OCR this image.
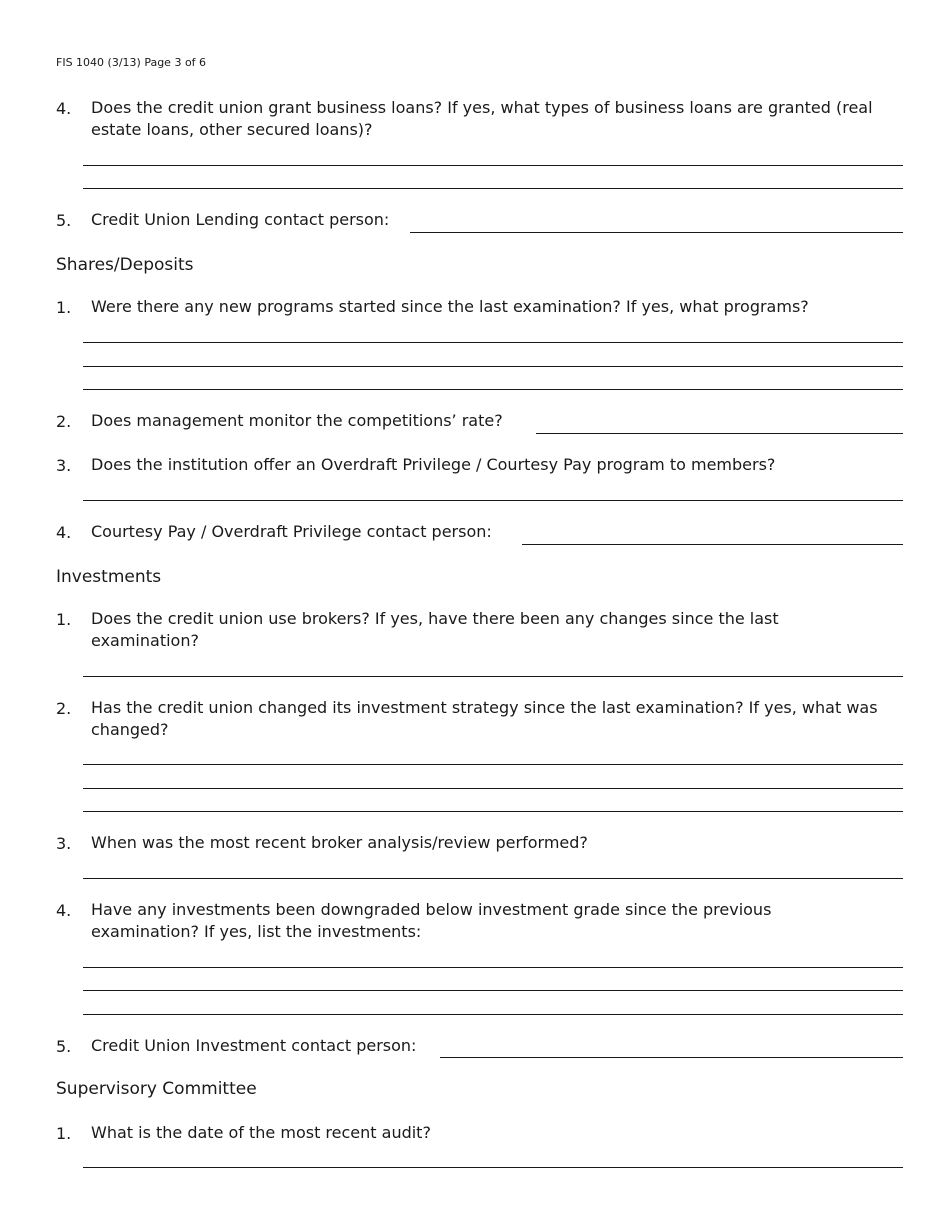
FIS 1040 (3/13) Page 3 of 6
4. Does the credit union grant business loans? If yes, what types of business loans are granted (real estate loans, other secured loans)?
5. Credit Union Lending contact person:
Shares/Deposits
1. Were there any new programs started since the last examination? If yes, what programs?
2. Does management monitor the competitions’ rate?
3. Does the institution offer an Overdraft Privilege / Courtesy Pay program to members?
4. Courtesy Pay / Overdraft Privilege contact person:
Investments
1. Does the credit union use brokers? If yes, have there been any changes since the last examination?
2. Has the credit union changed its investment strategy since the last examination? If yes, what was changed?
3. When was the most recent broker analysis/review performed?
4. Have any investments been downgraded below investment grade since the previous examination? If yes, list the investments:
5. Credit Union Investment contact person:
Supervisory Committee
1. What is the date of the most recent audit?
